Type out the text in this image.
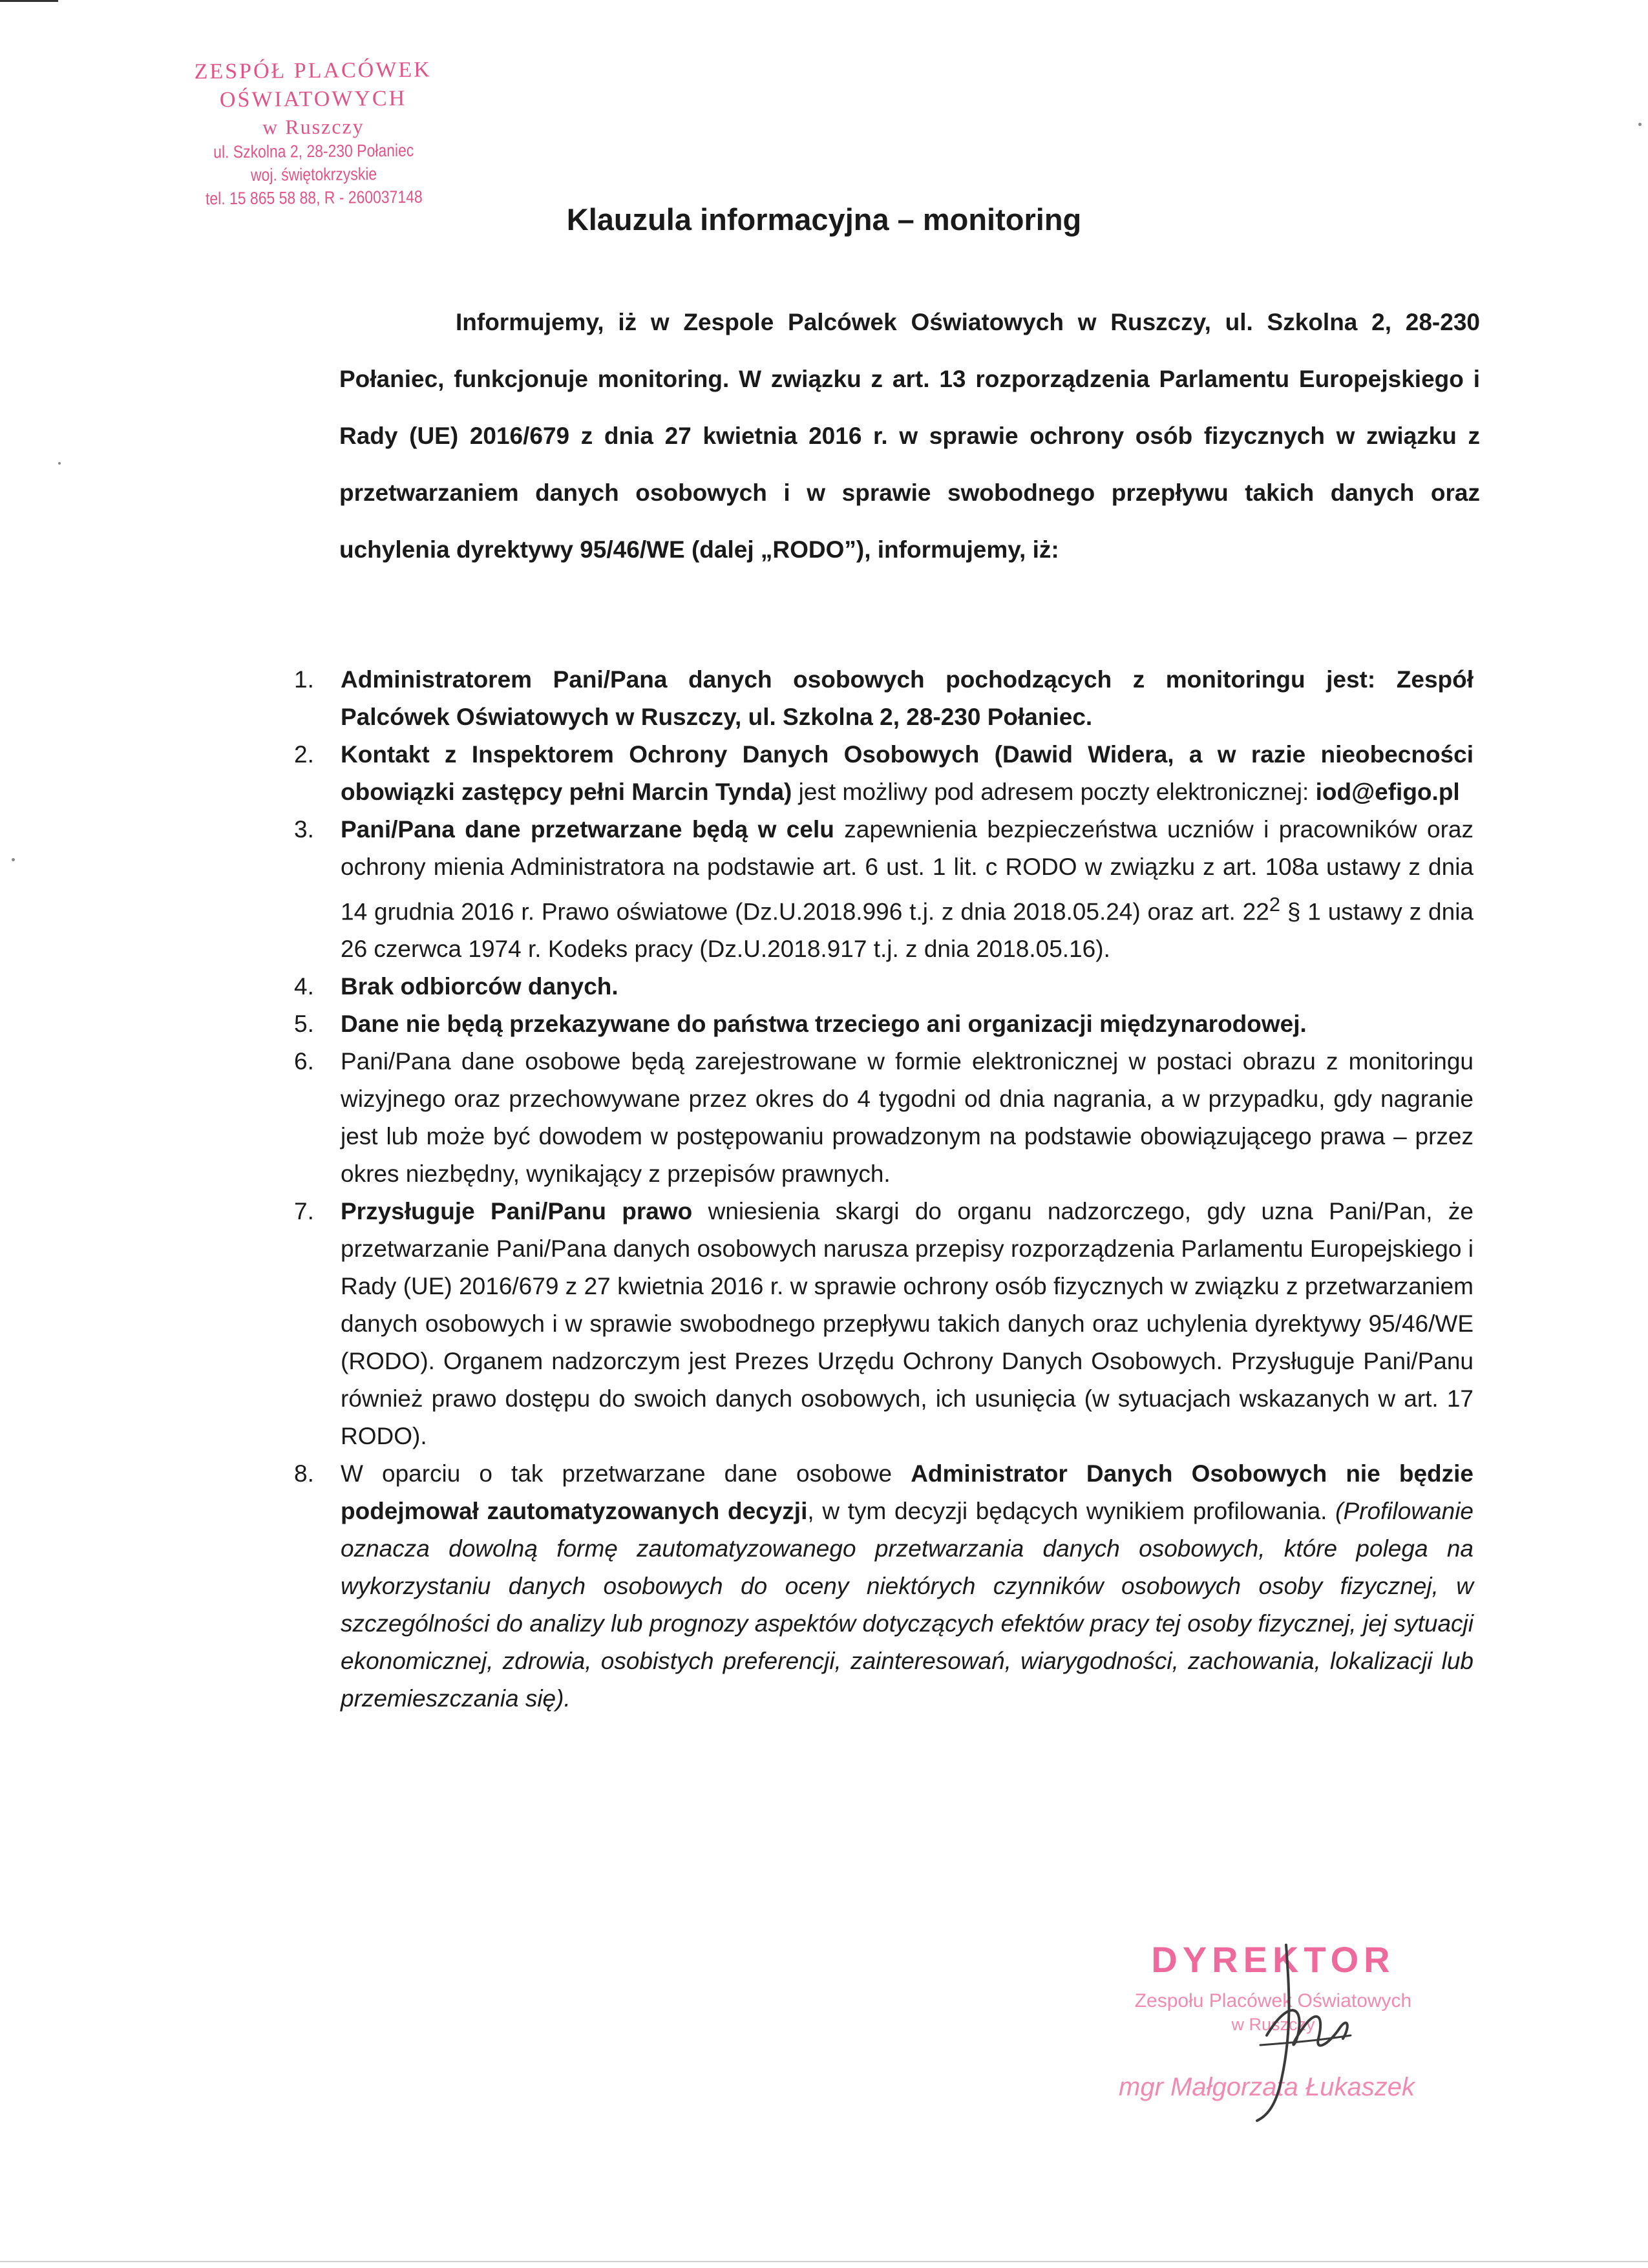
ZESPÓŁ PLACÓWEK OŚWIATOWYCH
w Ruszczy
ul. Szkolna 2, 28-230 Połaniec
woj. świętokrzyskie
tel. 15 865 58 88, R - 260037148
Klauzula informacyjna – monitoring
Informujemy, iż w Zespole Palcówek Oświatowych w Ruszczy, ul. Szkolna 2, 28-230 Połaniec, funkcjonuje monitoring. W związku z art. 13 rozporządzenia Parlamentu Europejskiego i Rady (UE) 2016/679 z dnia 27 kwietnia 2016 r. w sprawie ochrony osób fizycznych w związku z przetwarzaniem danych osobowych i w sprawie swobodnego przepływu takich danych oraz uchylenia dyrektywy 95/46/WE (dalej „RODO”), informujemy, iż:
1. Administratorem Pani/Pana danych osobowych pochodzących z monitoringu jest: Zespół Palcówek Oświatowych w Ruszczy, ul. Szkolna 2, 28-230 Połaniec.
2. Kontakt z Inspektorem Ochrony Danych Osobowych (Dawid Widera, a w razie nieobecności obowiązki zastępcy pełni Marcin Tynda) jest możliwy pod adresem poczty elektronicznej: iod@efigo.pl
3. Pani/Pana dane przetwarzane będą w celu zapewnienia bezpieczeństwa uczniów i pracowników oraz ochrony mienia Administratora na podstawie art. 6 ust. 1 lit. c RODO w związku z art. 108a ustawy z dnia 14 grudnia 2016 r. Prawo oświatowe (Dz.U.2018.996 t.j. z dnia 2018.05.24) oraz art. $22^2$ § 1 ustawy z dnia 26 czerwca 1974 r. Kodeks pracy (Dz.U.2018.917 t.j. z dnia 2018.05.16).
4. Brak odbiorców danych.
5. Dane nie będą przekazywane do państwa trzeciego ani organizacji międzynarodowej.
6. Pani/Pana dane osobowe będą zarejestrowane w formie elektronicznej w postaci obrazu z monitoringu wizyjnego oraz przechowywane przez okres do 4 tygodni od dnia nagrania, a w przypadku, gdy nagranie jest lub może być dowodem w postępowaniu prowadzonym na podstawie obowiązującego prawa – przez okres niezbędny, wynikający z przepisów prawnych.
7. Przysługuje Pani/Panu prawo wniesienia skargi do organu nadzorczego, gdy uzna Pani/Pan, że przetwarzanie Pani/Pana danych osobowych narusza przepisy rozporządzenia Parlamentu Europejskiego i Rady (UE) 2016/679 z 27 kwietnia 2016 r. w sprawie ochrony osób fizycznych w związku z przetwarzaniem danych osobowych i w sprawie swobodnego przepływu takich danych oraz uchylenia dyrektywy 95/46/WE (RODO). Organem nadzorczym jest Prezes Urzędu Ochrony Danych Osobowych. Przysługuje Pani/Panu również prawo dostępu do swoich danych osobowych, ich usunięcia (w sytuacjach wskazanych w art. 17 RODO).
8. W oparciu o tak przetwarzane dane osobowe Administrator Danych Osobowych nie będzie podejmował zautomatyzowanych decyzji, w tym decyzji będących wynikiem profilowania. (Profilowanie oznacza dowolną formę zautomatyzowanego przetwarzania danych osobowych, które polega na wykorzystaniu danych osobowych do oceny niektórych czynników osobowych osoby fizycznej, w szczególności do analizy lub prognozy aspektów dotyczących efektów pracy tej osoby fizycznej, jej sytuacji ekonomicznej, zdrowia, osobistych preferencji, zainteresowań, wiarygodności, zachowania, lokalizacji lub przemieszczania się).
DYREKTOR
Zespołu Placówek Oświatowych
w Ruszczy
mgr Małgorzata Łukaszek
